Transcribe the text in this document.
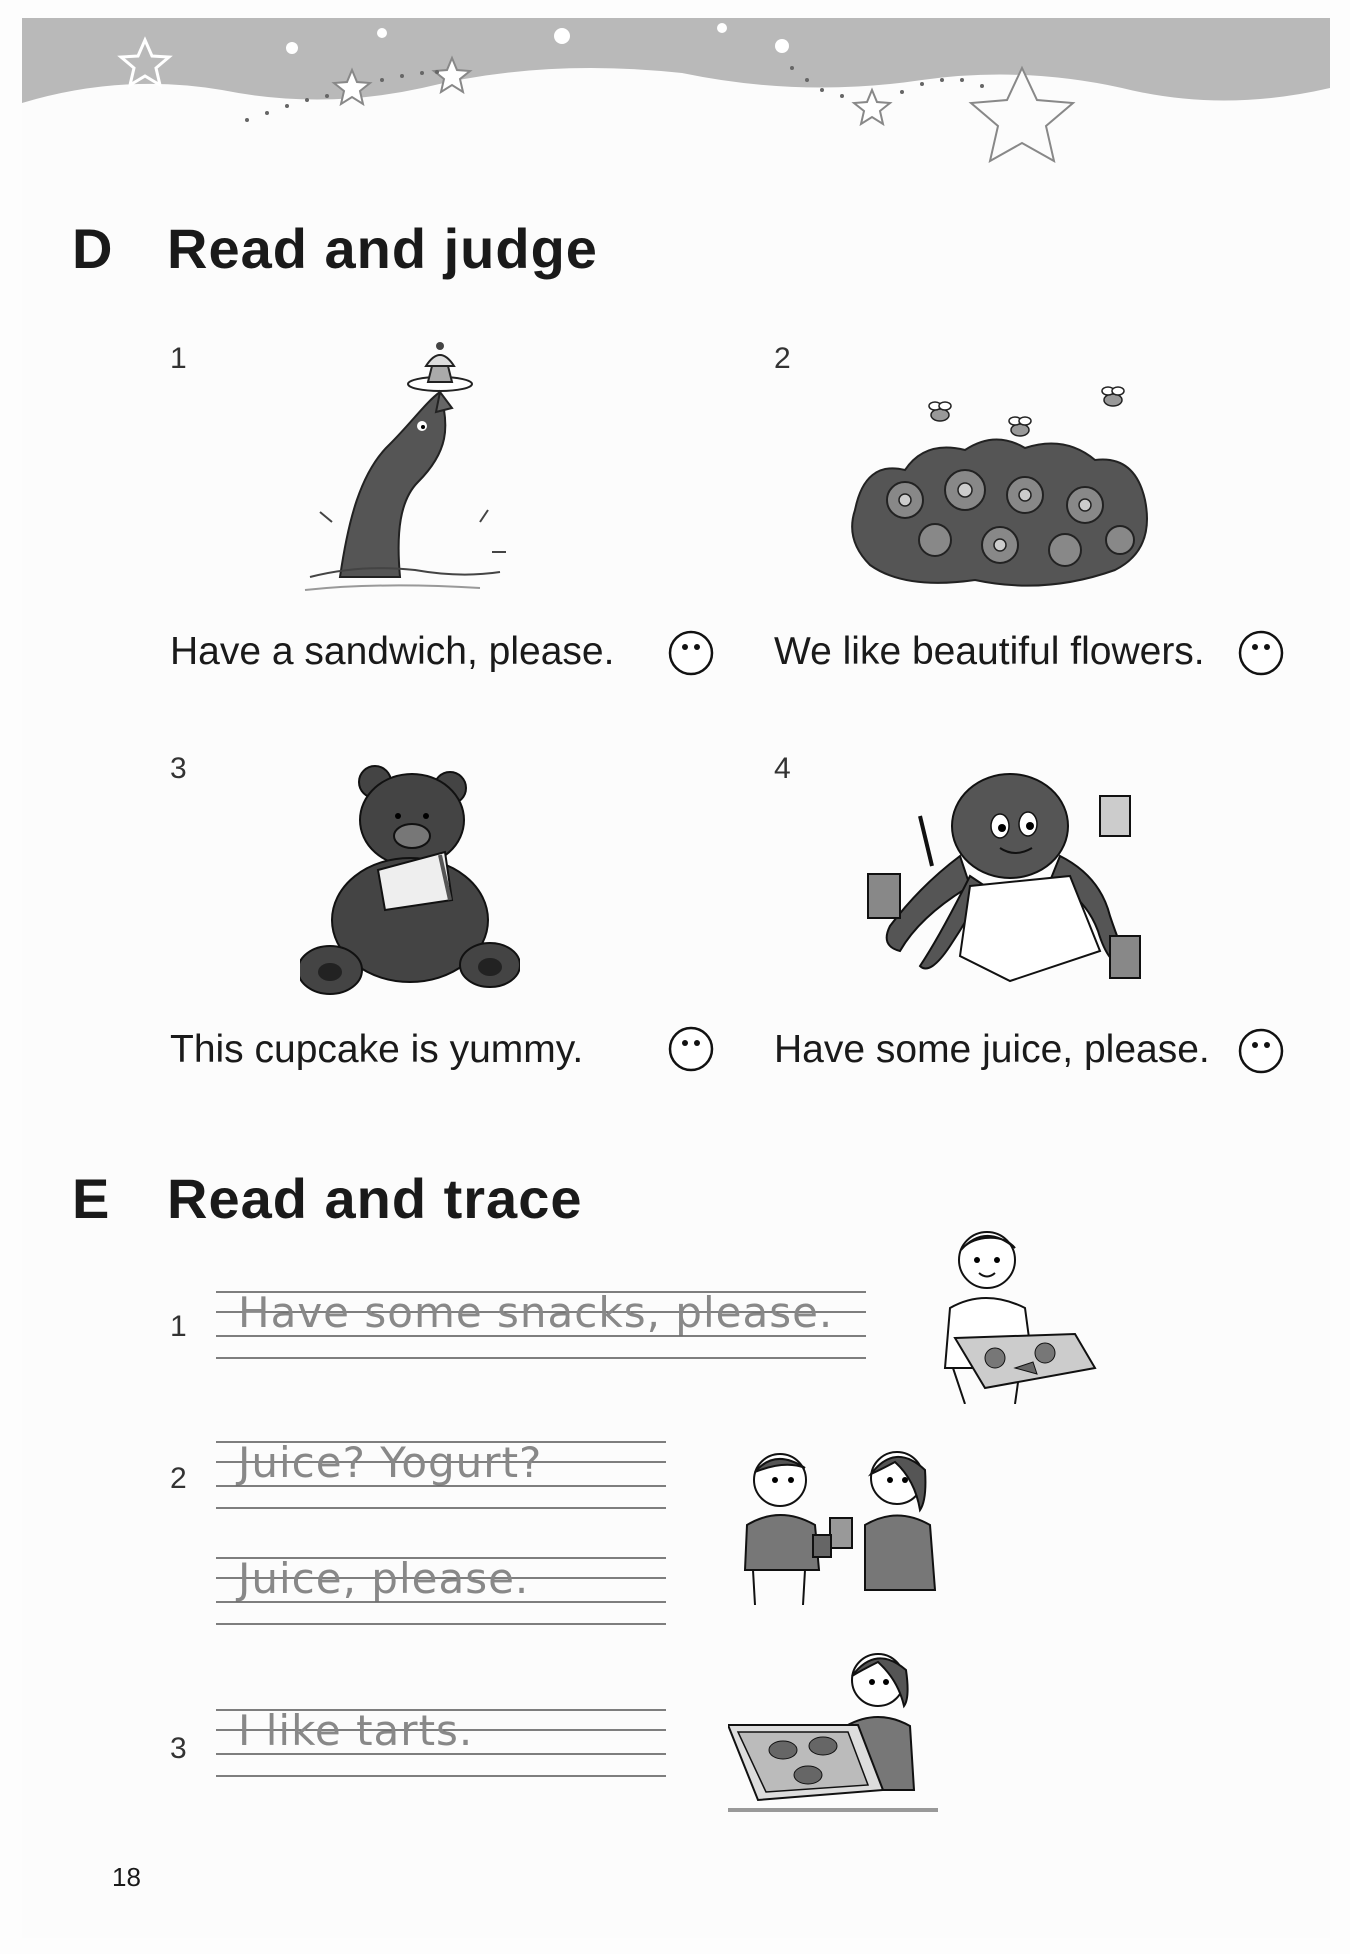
D Read and judge
1
Have a sandwich, please.
2
We like beautiful flowers.
3
This cupcake is yummy.
4
Have some juice, please.
E Read and trace
1 Have some snacks, please.
2 Juice? Yogurt?
Juice, please.
3 I like tarts.
18
